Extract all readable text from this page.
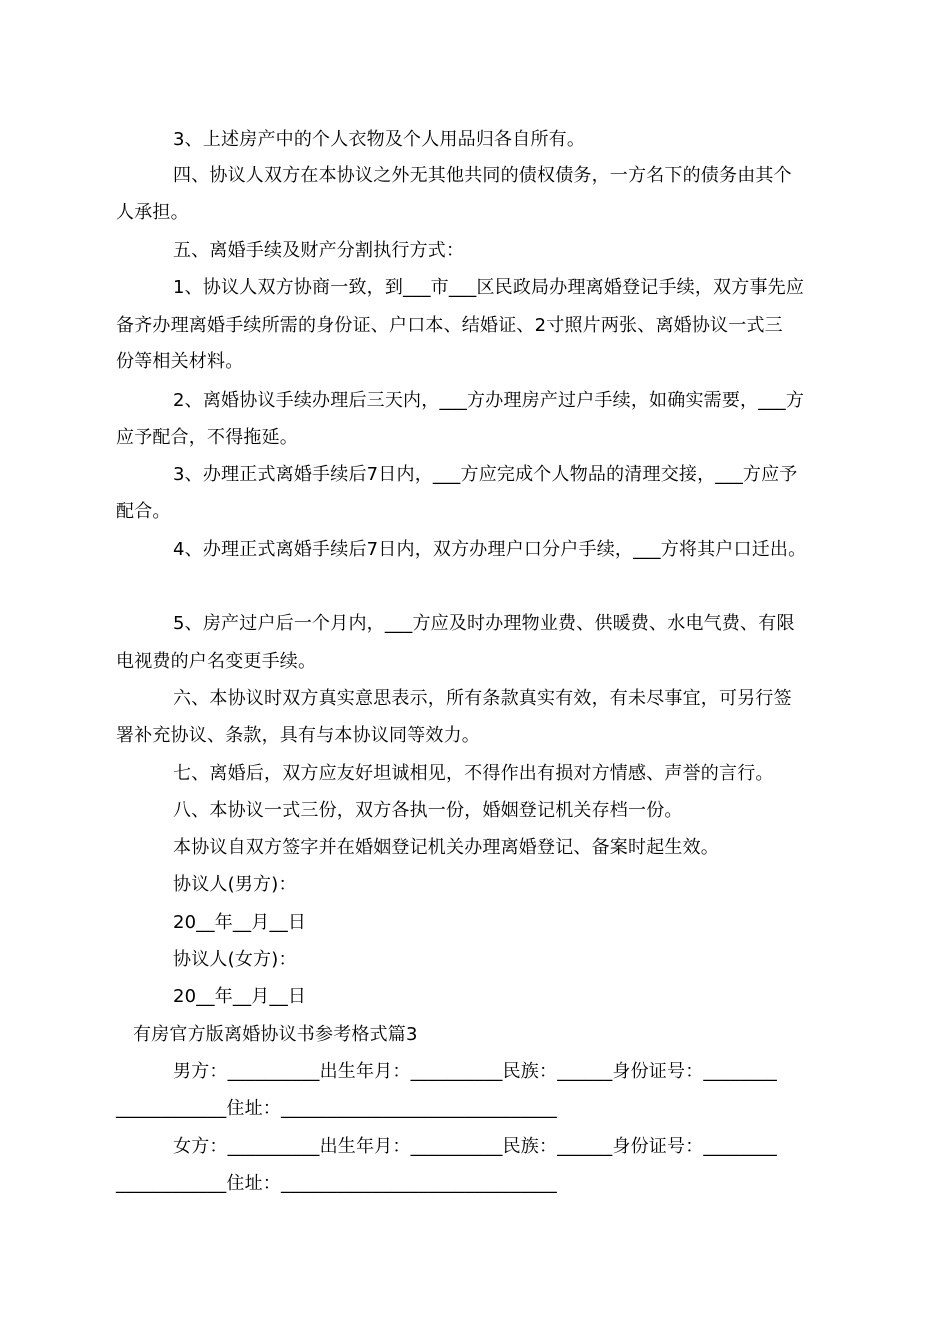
3、上述房产中的个人衣物及个人用品归各自所有。
四、协议人双方在本协议之外无其他共同的债权债务，一方名下的债务由其个
人承担。
五、离婚手续及财产分割执行方式：
1、协议人双方协商一致，到___市___区民政局办理离婚登记手续，双方事先应
备齐办理离婚手续所需的身份证、户口本、结婚证、2寸照片两张、离婚协议一式三
份等相关材料。
2、离婚协议手续办理后三天内，___方办理房产过户手续，如确实需要，___方
应予配合，不得拖延。
3、办理正式离婚手续后7日内，___方应完成个人物品的清理交接，___方应予
配合。
4、办理正式离婚手续后7日内，双方办理户口分户手续，___方将其户口迁出。
5、房产过户后一个月内，___方应及时办理物业费、供暖费、水电气费、有限
电视费的户名变更手续。
六、本协议时双方真实意思表示，所有条款真实有效，有未尽事宜，可另行签
署补充协议、条款，具有与本协议同等效力。
七、离婚后，双方应友好坦诚相见，不得作出有损对方情感、声誉的言行。
八、本协议一式三份，双方各执一份，婚姻登记机关存档一份。
本协议自双方签字并在婚姻登记机关办理离婚登记、备案时起生效。
协议人(男方)：
20__年__月__日
协议人(女方)：
20__年__月__日
有房官方版离婚协议书参考格式篇3
男方：__________出生年月：__________民族：______身份证号：________
____________住址：______________________________
女方：__________出生年月：__________民族：______身份证号：________
____________住址：______________________________
